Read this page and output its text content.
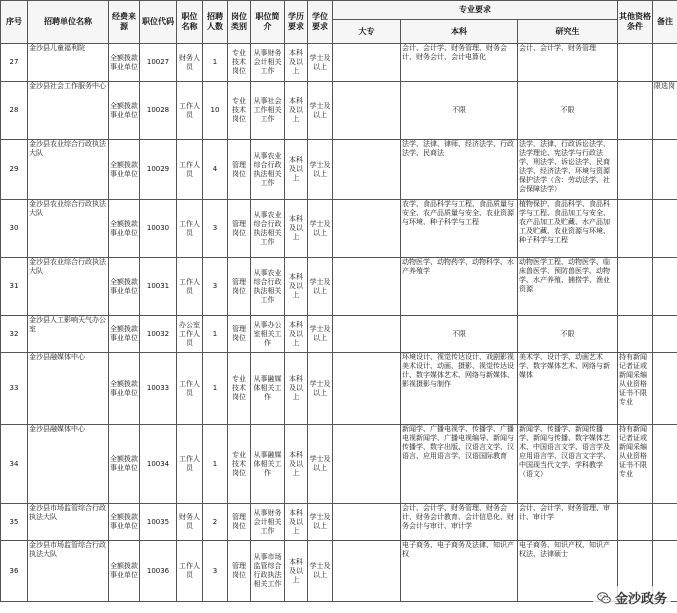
序号	招聘单位名称	经费来源	职位代码	职位名称	招聘人数	岗位类别	职位简介	学历要求	学位要求	专业要求			其他资格条件	备注
										大专	本科	研究生		
27	金沙县儿童福利院	全额拨款事业单位	10027	财务人员	1	专业技术岗位	从事财务会计相关工作	本科及以上	学士及以上		会计、会计学、财务管理、财务会计、财务会计、会计电算化	会计、会计学、财务管理		
28	金沙县社会工作服务中心	全额拨款事业单位	10028	工作人员	10	专业技术岗位	从事社会工作相关工作	本科及以上	学士及以上		不限	不限		限选岗
29	金沙县农业综合行政执法大队	全额拨款事业单位	10029	工作人员	4	管理岗位	从事农业综合行政执法相关工作	本科及以上	学士及以上		法学、法律、律师、经济法学、行政法学、民商法	法学、法律、行政诉讼法学、法学理论、宪法学与行政法学、刑法学、诉讼法学、民商法学、经济法学、环境与资源保护法学（含：劳动法学、社会保障法学）		
30	金沙县农业综合行政执法大队	全额拨款事业单位	10030	工作人员	3	管理岗位	从事农业综合行政执法相关工作	本科及以上	学士及以上		农学、食品科学与工程、食品质量与安全、农产品质量与安全、农业资源与环境、种子科学与工程	植物保护、食品科学、食品科学与工程、食品加工与安全、农产品加工及贮藏、水产品加工及贮藏、农业资源与环境、种子科学与工程		
31	金沙县农业综合行政执法大队	全额拨款事业单位	10031	工作人员	3	管理岗位	从事农业综合行政执法相关工作	本科及以上	学士及以上		动物医学、动物药学、动物科学、水产养殖学	动物医学工程、动物医学、临床兽医学、预防兽医学、动物学、水产养殖、捕捞学、渔业资源		
32	金沙县人工影响天气办公室	全额拨款事业单位	10032	办公室工作人员	1	管理岗位	从事办公室相关工作	本科及以上	学士及以上		不限	不限		
33	金沙县融媒体中心	全额拨款事业单位	10033	工作人员	1	专业技术岗位	从事融媒体相关工作	本科及以上	学士及以上		环境设计、视觉传达设计、戏剧影视美术设计、动画、摄影、视觉传达设计、数字媒体艺术、网络与新媒体、影视摄影与制作	美术学、设计学、动画艺术学、数字媒体艺术、网络与新媒体	持有新闻记者证或新闻采编从业资格证书不限专业	
34	金沙县融媒体中心	全额拨款事业单位	10034	工作人员	1	专业技术岗位	从事融媒体相关工作	本科及以上	学士及以上		新闻学、广播电视学、传播学、广播电视新闻学、广播电视编导、新闻与传播学、数字出版、汉语言文学、汉语言、应用语言学、汉语国际教育	新闻学、传播学、新闻传播学、新闻与传播、数字媒体艺术、中国语言文学、语言学及应用语言学、汉语言文字学、中国现当代文学、学科教学（语文）	持有新闻记者证或新闻采编从业资格证书不限专业	
35	金沙县市场监管综合行政执法大队	全额拨款事业单位	10035	财务人员	2	管理岗位	从事财务会计相关工作	本科及以上	学士及以上		会计、会计学、财务管理、财务会计、财务会计教育、会计信息化、财务会计与审计、审计学	会计、会计学、财务管理、审计、审计学		
36	金沙县市场监管综合行政执法大队	全额拨款事业单位	10036	工作人员	3	管理岗位	从事市场监管综合行政执法相关工作	本科及以上	学士及以上		电子商务、电子商务及法律、知识产权	电子商务、知识产权、知识产权法、法律硕士		
金沙政务
